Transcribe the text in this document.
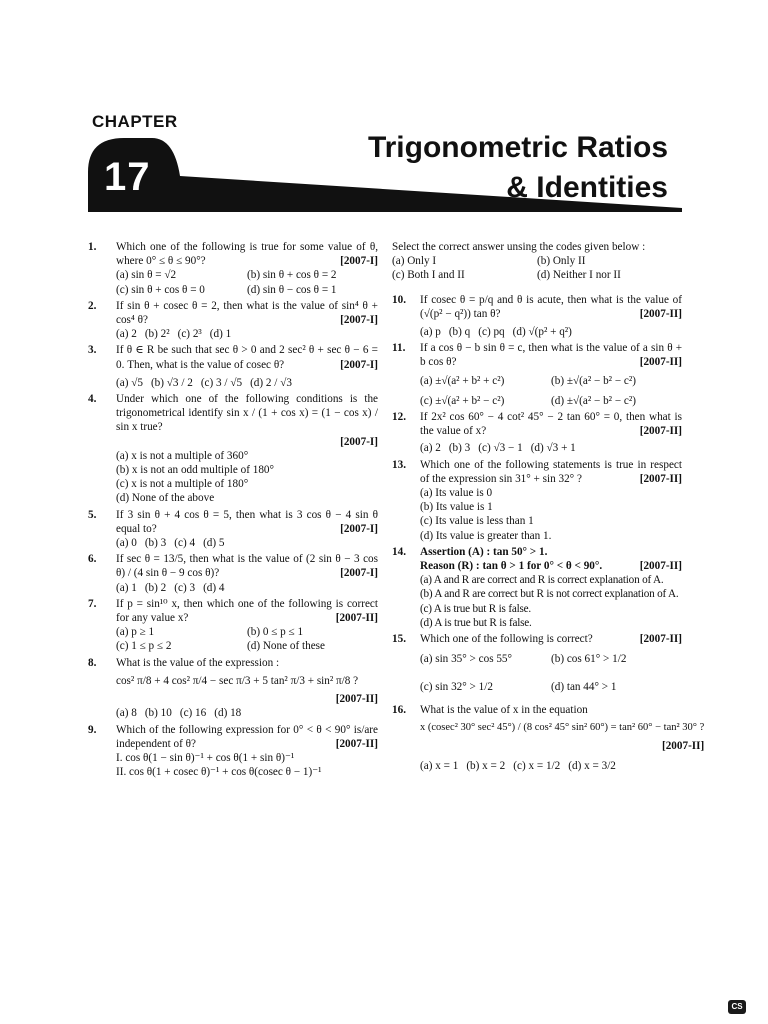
CHAPTER
17
Trigonometric Ratios
& Identities
1.	Which one of the following is true for some value of θ, where 0° ≤ θ ≤ 90°?	[2007-I]
(a) sin θ = √2	(b) sin θ + cos θ = 2
(c) sin θ + cos θ = 0	(d) sin θ − cos θ = 1
2.	If sin θ + cosec θ = 2, then what is the value of sin⁴ θ + cos⁴ θ?	[2007-I]
(a) 2 (b) 2² (c) 2³ (d) 1
3.	If θ ∈ R be such that sec θ > 0 and 2 sec² θ + sec θ − 6 = 0. Then, what is the value of cosec θ?	[2007-I]
(a) √5 (b) √3 / 2 (c) 3 / √5 (d) 2 / √3
4.	Under which one of the following conditions is the trigonometrical identify sin x / (1 + cos x) = (1 − cos x) / sin x true?
[2007-I]
(a) x is not a multiple of 360°
(b) x is not an odd multiple of 180°
(c) x is not a multiple of 180°
(d) None of the above
5.	If 3 sin θ + 4 cos θ = 5, then what is 3 cos θ − 4 sin θ equal to?	[2007-I]
(a) 0 (b) 3 (c) 4 (d) 5
6.	If sec θ = 13/5, then what is the value of (2 sin θ − 3 cos θ) / (4 sin θ − 9 cos θ)?	[2007-I]
(a) 1 (b) 2 (c) 3 (d) 4
7.	If p = sin¹⁰ x, then which one of the following is correct for any value x?	[2007-II]
(a) p ≥ 1	(b) 0 ≤ p ≤ 1
(c) 1 ≤ p ≤ 2	(d) None of these
8.	What is the value of the expression :
cos² π/8 + 4 cos² π/4 − sec π/3 + 5 tan² π/3 + sin² π/8 ?
[2007-II]
(a) 8 (b) 10 (c) 16 (d) 18
9.	Which of the following expression for 0° < θ < 90° is/are independent of θ?	[2007-II]
I. cos θ(1 − sin θ)⁻¹ + cos θ(1 + sin θ)⁻¹
II. cos θ(1 + cosec θ)⁻¹ + cos θ(cosec θ − 1)⁻¹
Select the correct answer unsing the codes given below :
(a) Only I	(b) Only II
(c) Both I and II	(d) Neither I nor II
10.	If cosec θ = p/q and θ is acute, then what is the value of (√(p² − q²)) tan θ?	[2007-II]
(a) p (b) q (c) pq (d) √(p² + q²)
11.	If a cos θ − b sin θ = c, then what is the value of a sin θ + b cos θ?	[2007-II]
(a) ±√(a² + b² + c²)	(b) ±√(a² − b² − c²)
(c) ±√(a² + b² − c²)	(d) ±√(a² − b² − c²)
12.	If 2x² cos 60° − 4 cot² 45° − 2 tan 60° = 0, then what is the value of x?	[2007-II]
(a) 2 (b) 3 (c) √3 − 1 (d) √3 + 1
13.	Which one of the following statements is true in respect of the expression sin 31° + sin 32° ?	[2007-II]
(a) Its value is 0
(b) Its value is 1
(c) Its value is less than 1
(d) Its value is greater than 1.
14.	Assertion (A) : tan 50° > 1.
Reason (R) : tan θ > 1 for 0° < θ < 90°.	[2007-II]
(a) A and R are correct and R is correct explanation of A.
(b) A and R are correct but R is not correct explanation of A.
(c) A is true but R is false.
(d) A is true but R is false.
15.	Which one of the following is correct?	[2007-II]
(a) sin 35° > cos 55°	(b) cos 61° > 1/2
(c) sin 32° > 1/2	(d) tan 44° > 1
16.	What is the value of x in the equation
x (cosec² 30° sec² 45°) / (8 cos² 45° sin² 60°) = tan² 60° − tan² 30° ?
[2007-II]
(a) x = 1 (b) x = 2 (c) x = 1/2 (d) x = 3/2
CS
